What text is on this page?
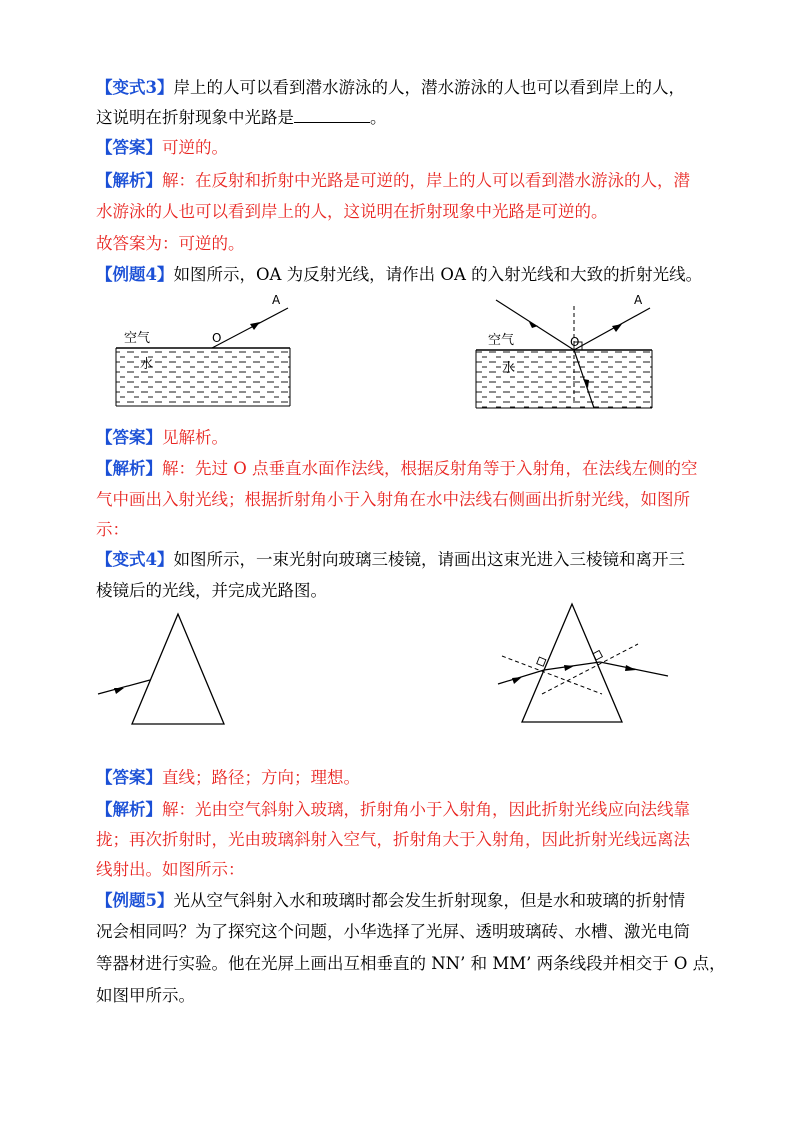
【变式3】岸上的人可以看到潜水游泳的人，潜水游泳的人也可以看到岸上的人，
这说明在折射现象中光路是	。
【答案】可逆的。
【解析】解：在反射和折射中光路是可逆的，岸上的人可以看到潜水游泳的人，潜
水游泳的人也可以看到岸上的人，这说明在折射现象中光路是可逆的。
故答案为：可逆的。
【例题4】如图所示，OA 为反射光线，请作出 OA 的入射光线和大致的折射光线。
空气
水
O
A
空气
水
O
A
【答案】见解析。
【解析】解：先过 O 点垂直水面作法线，根据反射角等于入射角，在法线左侧的空
气中画出入射光线；根据折射角小于入射角在水中法线右侧画出折射光线，如图所
示：
【变式4】如图所示，一束光射向玻璃三棱镜，请画出这束光进入三棱镜和离开三
棱镜后的光线，并完成光路图。
【答案】直线；路径；方向；理想。
【解析】解：光由空气斜射入玻璃，折射角小于入射角，因此折射光线应向法线靠
拢；再次折射时，光由玻璃斜射入空气，折射角大于入射角，因此折射光线远离法
线射出。如图所示：
【例题5】光从空气斜射入水和玻璃时都会发生折射现象，但是水和玻璃的折射情
况会相同吗？为了探究这个问题，小华选择了光屏、透明玻璃砖、水槽、激光电筒
等器材进行实验。他在光屏上画出互相垂直的 NN’ 和 MM’ 两条线段并相交于 O 点，
如图甲所示。
